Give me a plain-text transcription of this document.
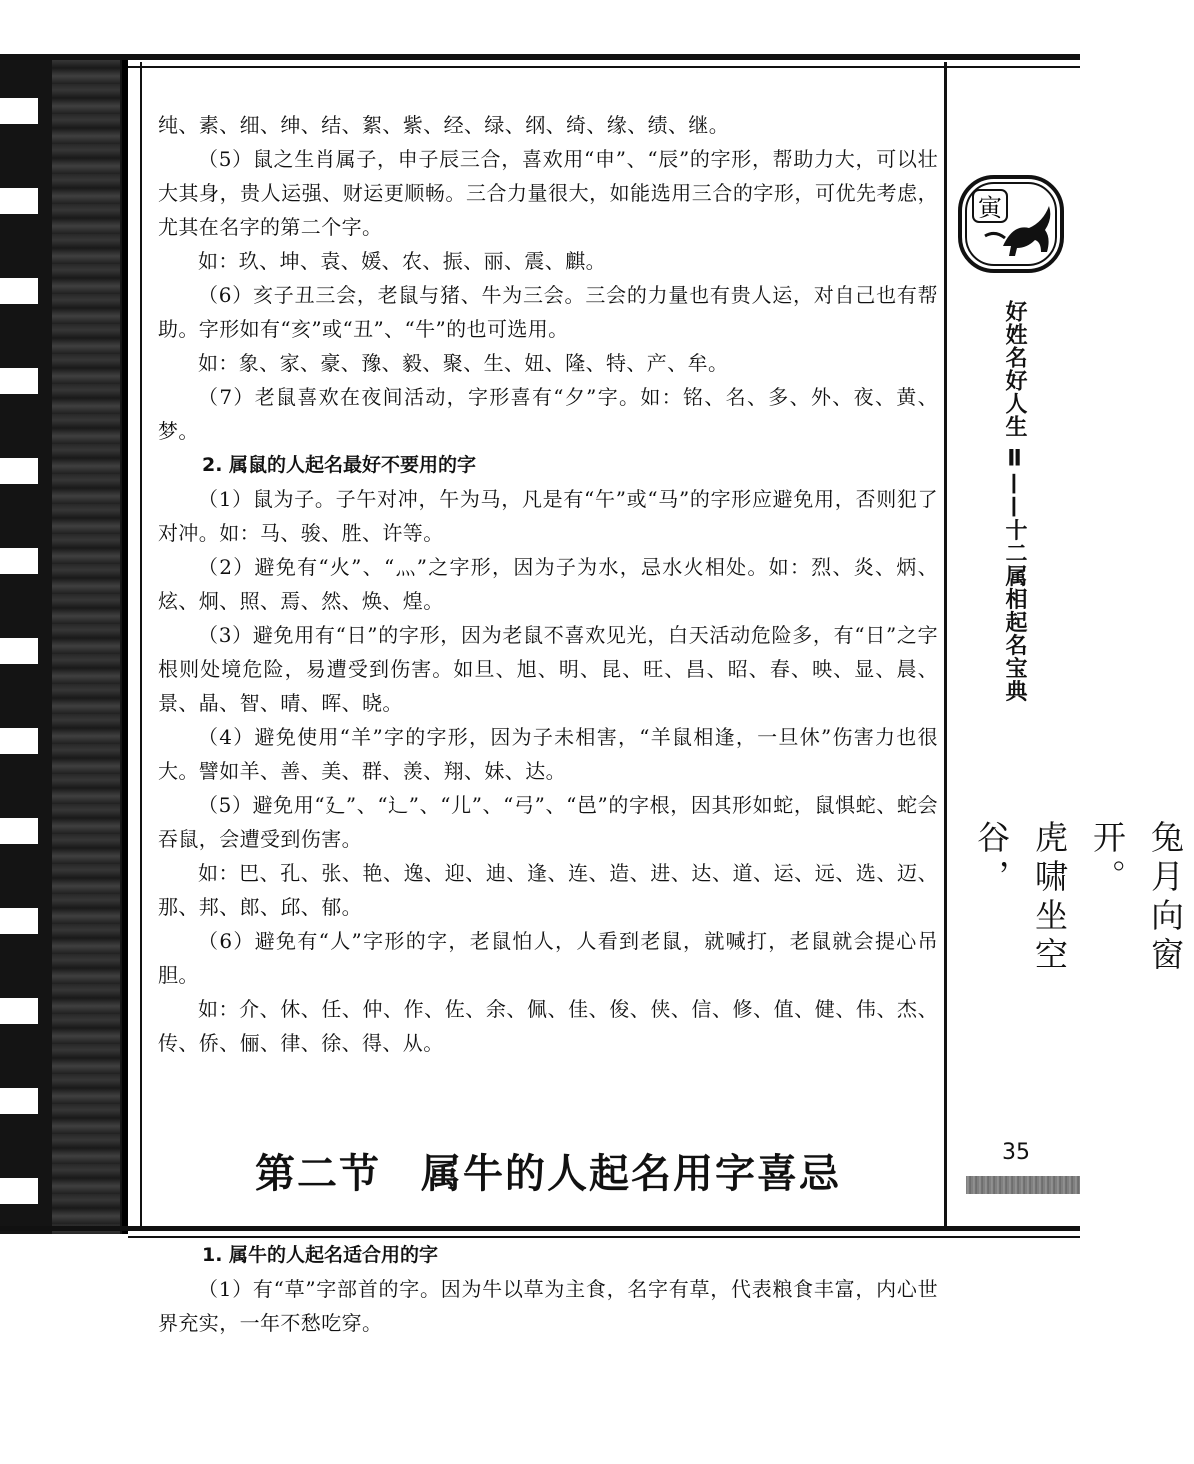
纯、素、细、绅、结、絮、紫、经、绿、纲、绮、缘、绩、继。

（5）鼠之生肖属子，申子辰三合，喜欢用“申”、“辰”的字形，帮助力大，可以壮大其身，贵人运强、财运更顺畅。三合力量很大，如能选用三合的字形，可优先考虑，尤其在名字的第二个字。

如：玖、坤、袁、媛、农、振、丽、震、麒。

（6）亥子丑三会，老鼠与猪、牛为三会。三会的力量也有贵人运，对自己也有帮助。字形如有“亥”或“丑”、“牛”的也可选用。

如：象、家、豪、豫、毅、聚、生、妞、隆、特、产、牟。

（7）老鼠喜欢在夜间活动，字形喜有“夕”字。如：铭、名、多、外、夜、黄、梦。

2. 属鼠的人起名最好不要用的字

（1）鼠为子。子午对冲，午为马，凡是有“午”或“马”的字形应避免用，否则犯了对冲。如：马、骏、胜、许等。

（2）避免有“火”、“灬”之字形，因为子为水，忌水火相处。如：烈、炎、炳、炫、炯、照、焉、然、焕、煌。

（3）避免用有“日”的字形，因为老鼠不喜欢见光，白天活动危险多，有“日”之字根则处境危险，易遭受到伤害。如旦、旭、明、昆、旺、昌、昭、春、映、显、晨、景、晶、智、晴、晖、晓。

（4）避免使用“羊”字的字形，因为子未相害，“羊鼠相逢，一旦休”伤害力也很大。譬如羊、善、美、群、羡、翔、妹、达。

（5）避免用“廴”、“辶”、“儿”、“弓”、“邑”的字根，因其形如蛇，鼠惧蛇、蛇会吞鼠，会遭受到伤害。

如：巴、孔、张、艳、逸、迎、迪、逢、连、造、进、达、道、运、远、选、迈、那、邦、郎、邱、郁。

（6）避免有“人”字形的字，老鼠怕人，人看到老鼠，就喊打，老鼠就会提心吊胆。

如：介、休、任、仲、作、佐、余、佩、佳、俊、侠、信、修、值、健、伟、杰、传、侨、俪、律、徐、得、从。

第二节 属牛的人起名用字喜忌

1. 属牛的人起名适合用的字

（1）有“草”字部首的字。因为牛以草为主食，名字有草，代表粮食丰富，内心世界充实，一年不愁吃穿。

寅
好姓名好人生 Ⅱ——十二属相起名宝典
兔月向窗开。
虎啸坐空谷，
35
